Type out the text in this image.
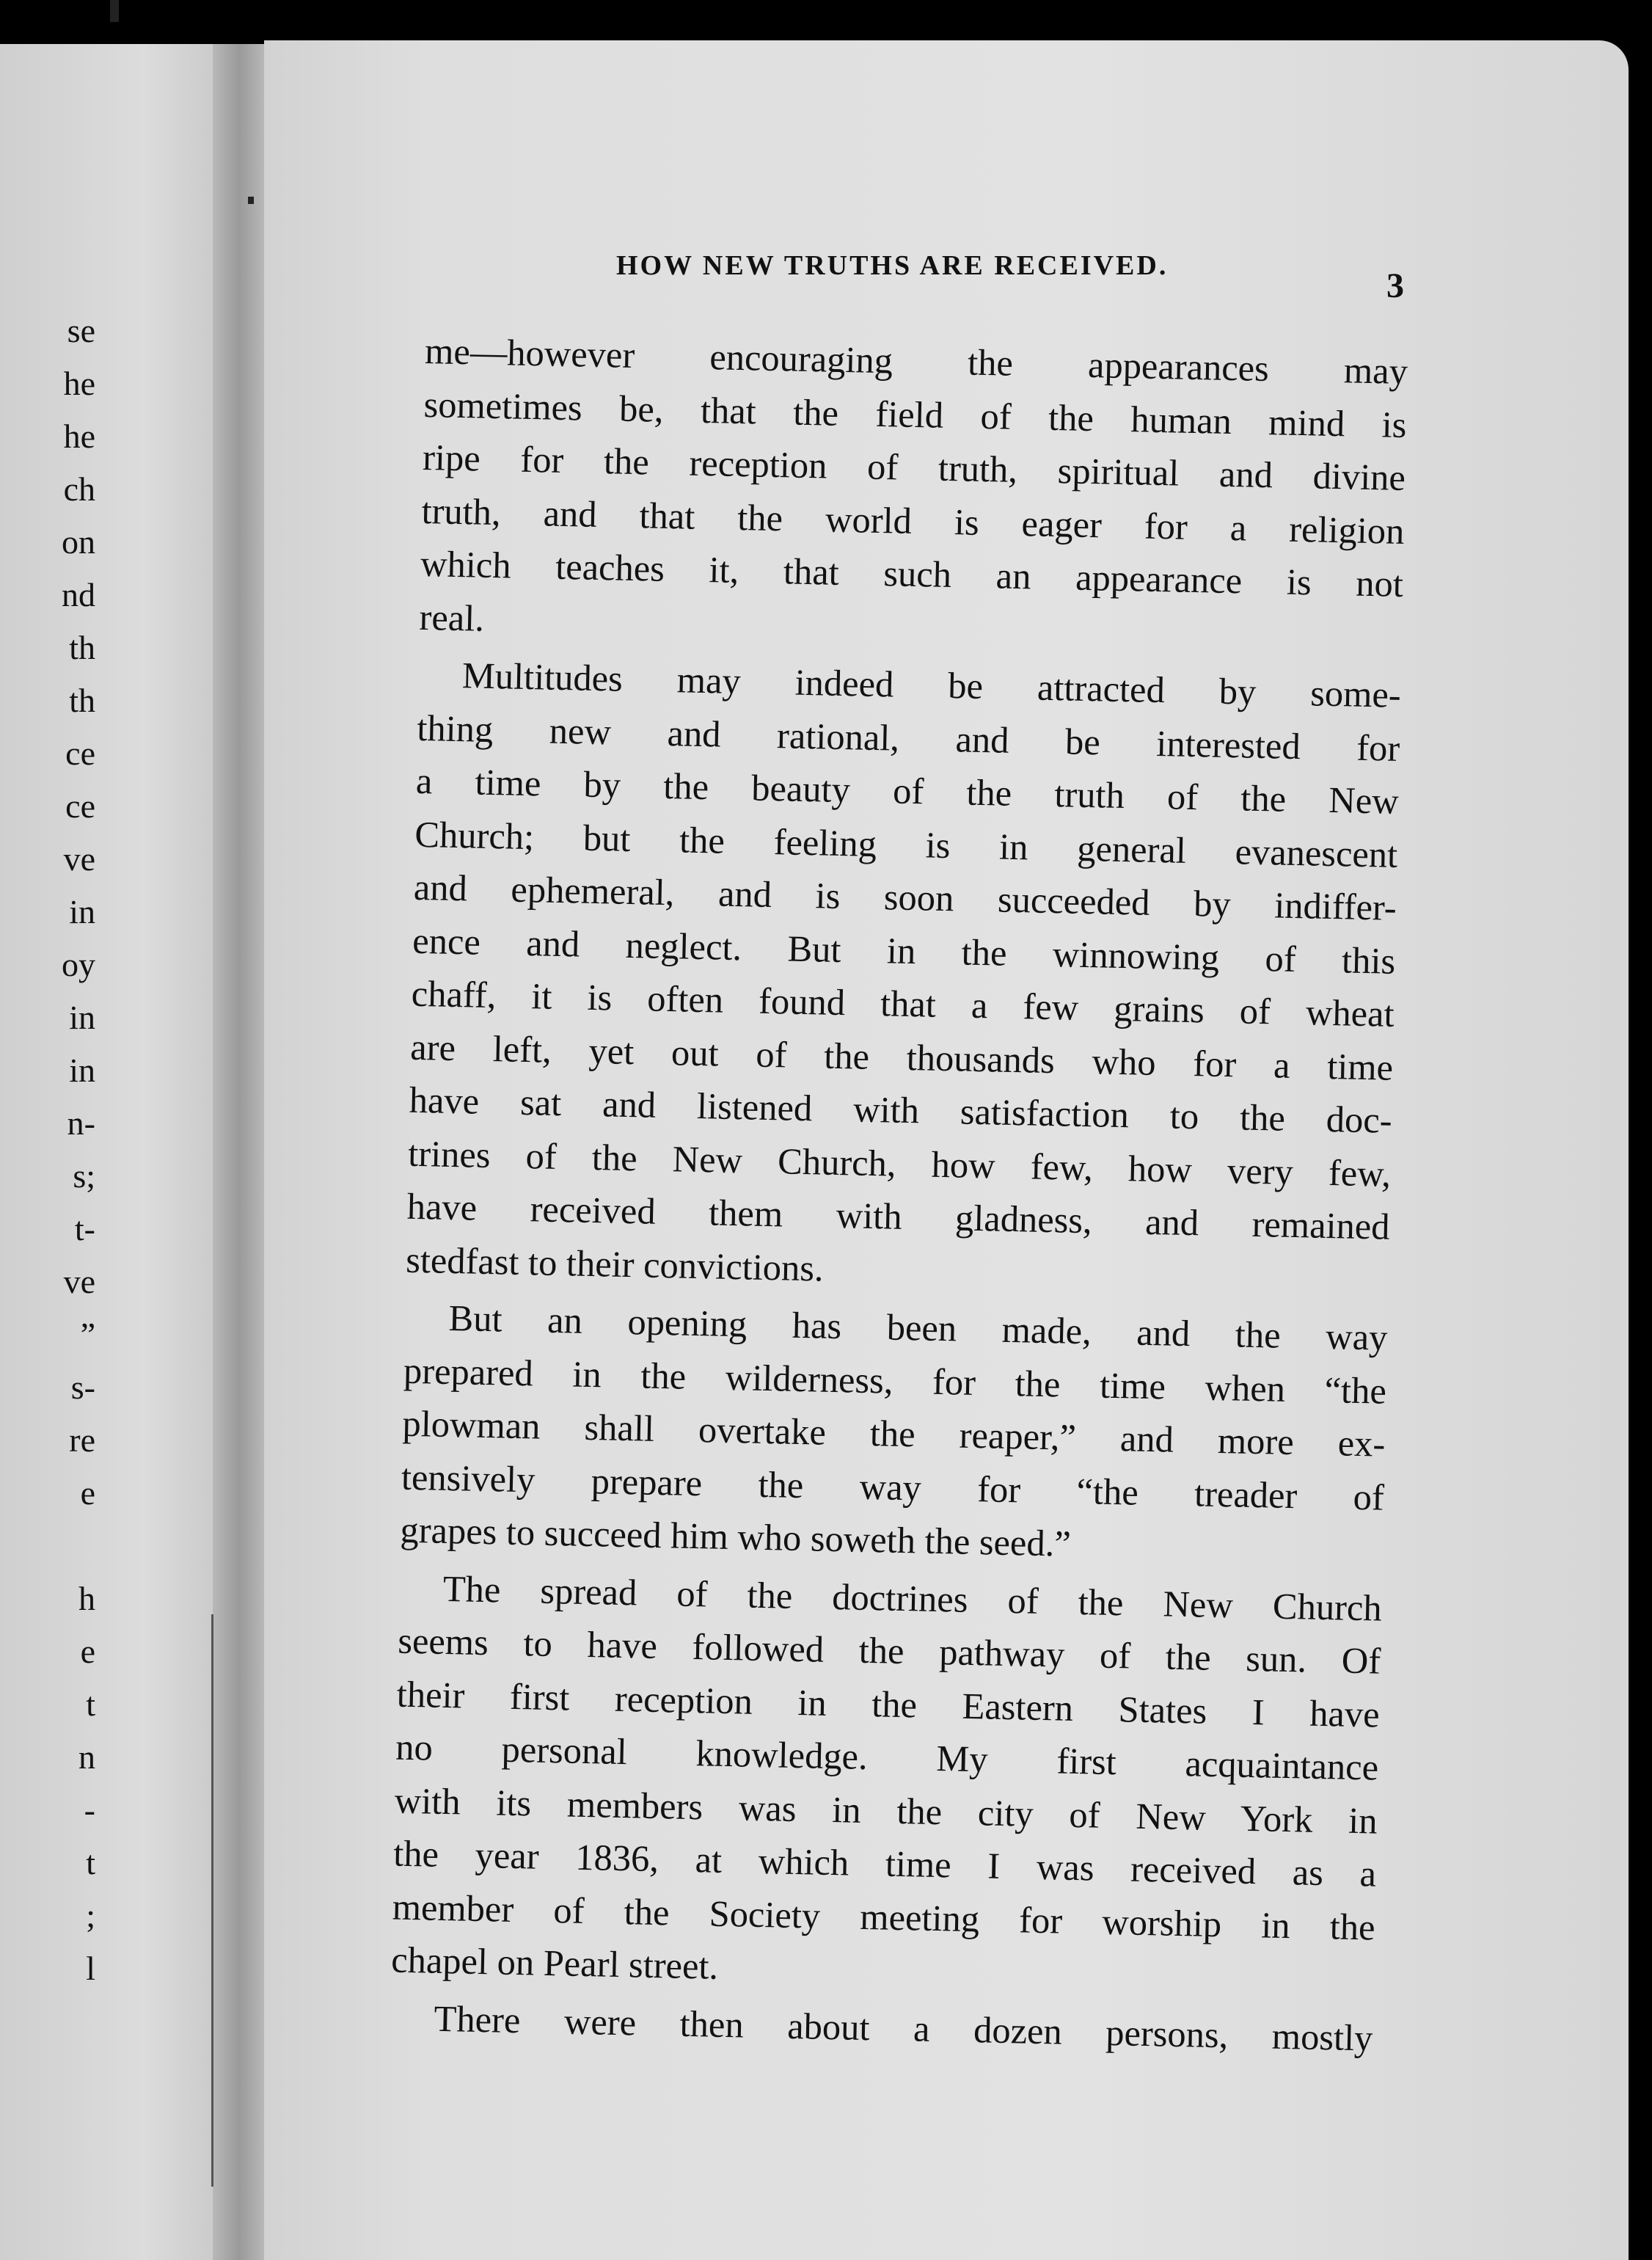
se
he
he
ch
on
nd
th
th
ce
ce
ve
in
oy
in
in
n-
s;
t-
ve
”
s-
re
e
h
e
t
n
-
t
;
l
HOW NEW TRUTHS ARE RECEIVED.
3

me—however encouraging the appearances may
sometimes be, that the field of the human mind is
ripe for the reception of truth, spiritual and divine
truth, and that the world is eager for a religion
which teaches it, that such an appearance is not
real.

Multitudes may indeed be attracted by some-
thing new and rational, and be interested for
a time by the beauty of the truth of the New
Church; but the feeling is in general evanescent
and ephemeral, and is soon succeeded by indiffer-
ence and neglect. But in the winnowing of this
chaff, it is often found that a few grains of wheat
are left, yet out of the thousands who for a time
have sat and listened with satisfaction to the doc-
trines of the New Church, how few, how very few,
have received them with gladness, and remained
stedfast to their convictions.

But an opening has been made, and the way
prepared in the wilderness, for the time when “the
plowman shall overtake the reaper,” and more ex-
tensively prepare the way for “the treader of
grapes to succeed him who soweth the seed.”

The spread of the doctrines of the New Church
seems to have followed the pathway of the sun. Of
their first reception in the Eastern States I have
no personal knowledge. My first acquaintance
with its members was in the city of New York in
the year 1836, at which time I was received as a
member of the Society meeting for worship in the
chapel on Pearl street.

There were then about a dozen persons, mostly
